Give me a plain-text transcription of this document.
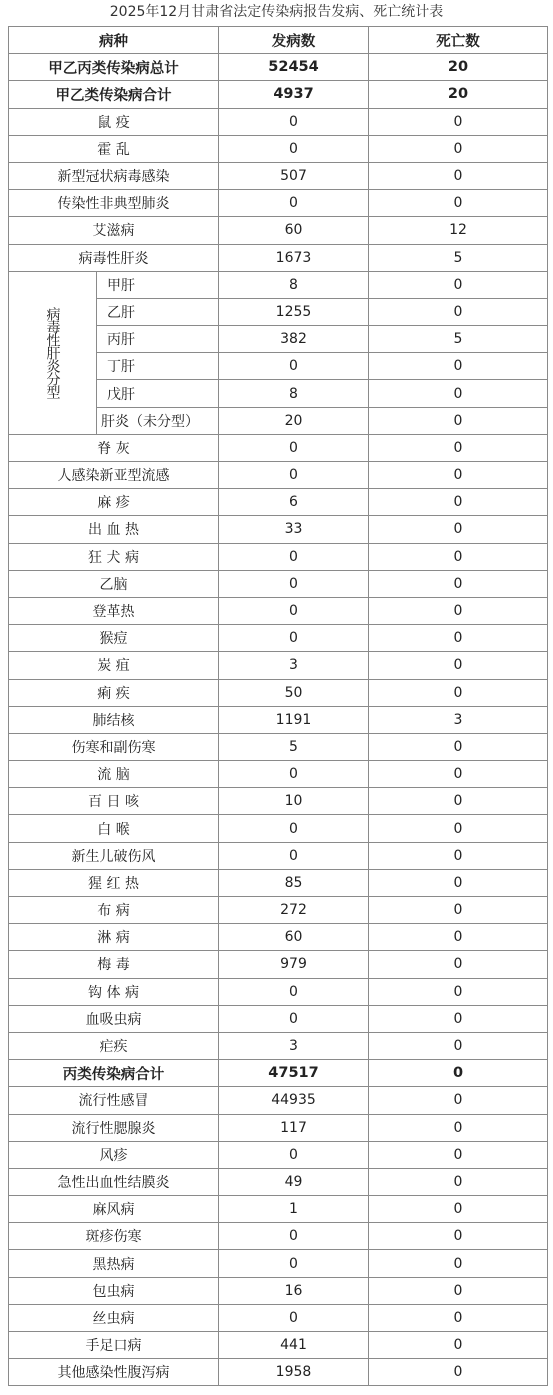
2025年12月甘肃省法定传染病报告发病、死亡统计表
病种		发病数	死亡数
甲乙丙类传染病总计		52454	20
甲乙类传染病合计		4937	20
鼠 疫		0	0
霍 乱		0	0
新型冠状病毒感染		507	0
传染性非典型肺炎		0	0
艾滋病		60	12
病毒性肝炎		1673	5
病毒性肝炎分型	甲肝	8	0
	乙肝	1255	0
	丙肝	382	5
	丁肝	0	0
	戊肝	8	0
	肝炎（未分型）	20	0
脊 灰		0	0
人感染新亚型流感		0	0
麻 疹		6	0
出 血 热		33	0
狂 犬 病		0	0
乙脑		0	0
登革热		0	0
猴痘		0	0
炭 疽		3	0
痢 疾		50	0
肺结核		1191	3
伤寒和副伤寒		5	0
流 脑		0	0
百 日 咳		10	0
白 喉		0	0
新生儿破伤风		0	0
猩 红 热		85	0
布 病		272	0
淋 病		60	0
梅 毒		979	0
钩 体 病		0	0
血吸虫病		0	0
疟疾		3	0
丙类传染病合计		47517	0
流行性感冒		44935	0
流行性腮腺炎		117	0
风疹		0	0
急性出血性结膜炎		49	0
麻风病		1	0
斑疹伤寒		0	0
黑热病		0	0
包虫病		16	0
丝虫病		0	0
手足口病		441	0
其他感染性腹泻病		1958	0
